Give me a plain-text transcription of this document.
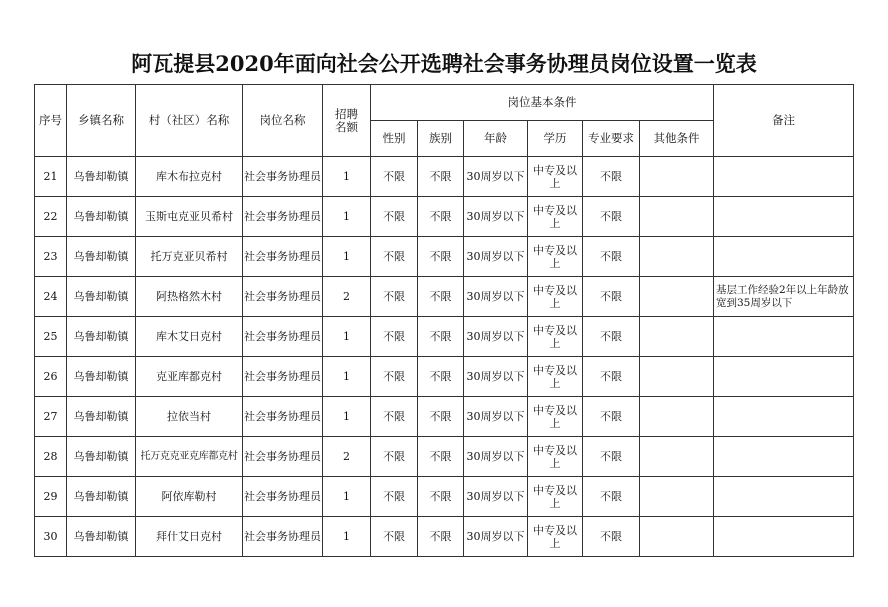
阿瓦提县2020年面向社会公开选聘社会事务协理员岗位设置一览表
序号	乡镇名称	村（社区）名称	岗位名称	招聘名额	岗位基本条件						备注
					性别	族别	年龄	学历	专业要求	其他条件	
21	乌鲁却勒镇	库木布拉克村	社会事务协理员	1	不限	不限	30周岁以下	中专及以上	不限		
22	乌鲁却勒镇	玉斯屯克亚贝希村	社会事务协理员	1	不限	不限	30周岁以下	中专及以上	不限		
23	乌鲁却勒镇	托万克亚贝希村	社会事务协理员	1	不限	不限	30周岁以下	中专及以上	不限		
24	乌鲁却勒镇	阿热格然木村	社会事务协理员	2	不限	不限	30周岁以下	中专及以上	不限		基层工作经验2年以上年龄放宽到35周岁以下
25	乌鲁却勒镇	库木艾日克村	社会事务协理员	1	不限	不限	30周岁以下	中专及以上	不限		
26	乌鲁却勒镇	克亚库都克村	社会事务协理员	1	不限	不限	30周岁以下	中专及以上	不限		
27	乌鲁却勒镇	拉依当村	社会事务协理员	1	不限	不限	30周岁以下	中专及以上	不限		
28	乌鲁却勒镇	托万克克亚克库都克村	社会事务协理员	2	不限	不限	30周岁以下	中专及以上	不限		
29	乌鲁却勒镇	阿依库勒村	社会事务协理员	1	不限	不限	30周岁以下	中专及以上	不限		
30	乌鲁却勒镇	拜什艾日克村	社会事务协理员	1	不限	不限	30周岁以下	中专及以上	不限		
